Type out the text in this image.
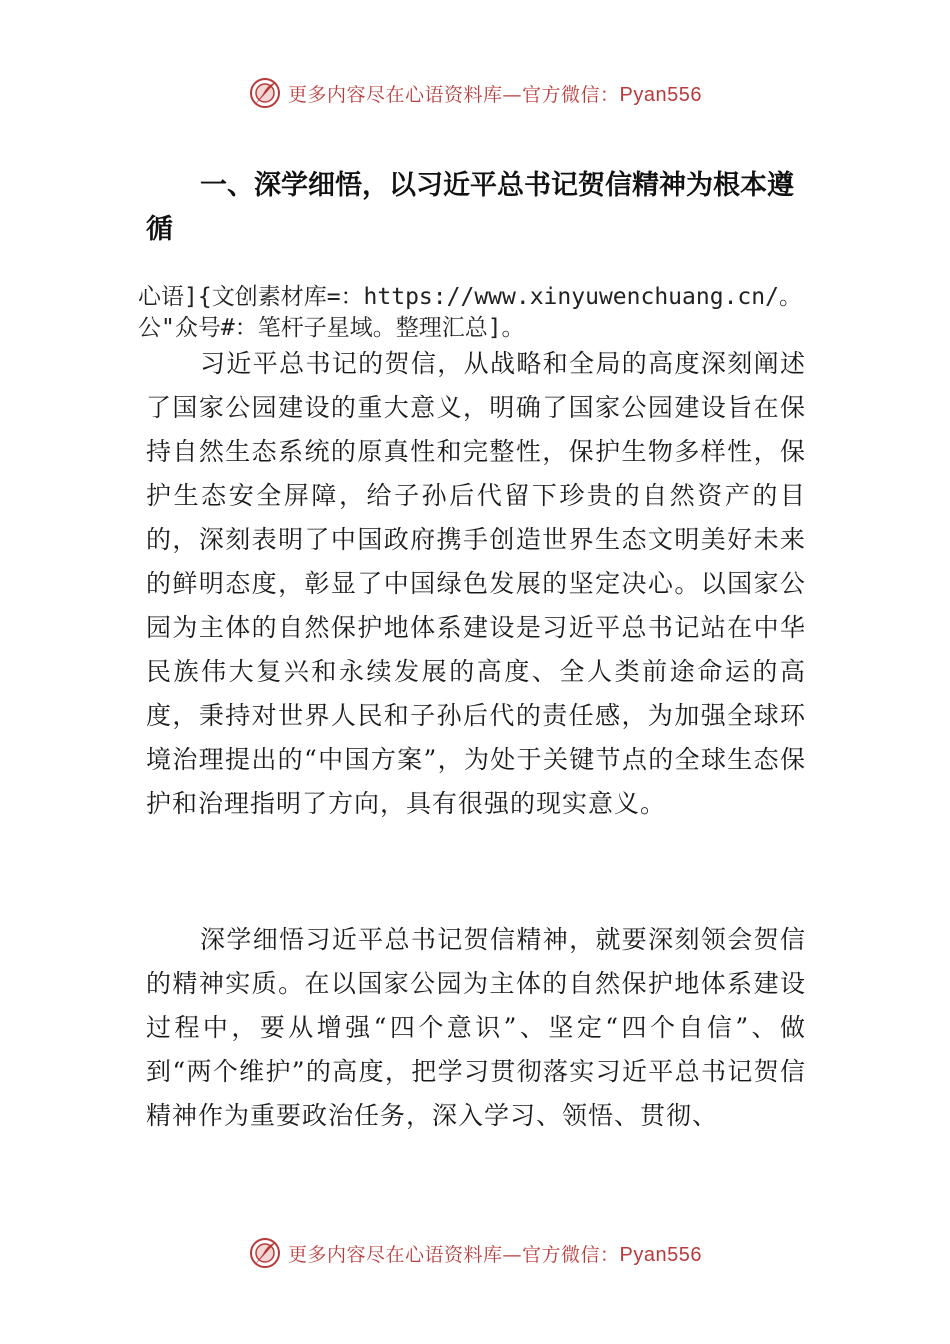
更多内容尽在心语资料库—官方微信：Pyan556
一、深学细悟，以习近平总书记贺信精神为根本遵循
心语]{文创素材库=：https://www.xinyuwenchuang.cn/。公"众号#：笔杆子星域。整理汇总]。
习近平总书记的贺信，从战略和全局的高度深刻阐述了国家公园建设的重大意义，明确了国家公园建设旨在保持自然生态系统的原真性和完整性，保护生物多样性，保护生态安全屏障，给子孙后代留下珍贵的自然资产的目的，深刻表明了中国政府携手创造世界生态文明美好未来的鲜明态度，彰显了中国绿色发展的坚定决心。以国家公园为主体的自然保护地体系建设是习近平总书记站在中华民族伟大复兴和永续发展的高度、全人类前途命运的高度，秉持对世界人民和子孙后代的责任感，为加强全球环境治理提出的“中国方案”，为处于关键节点的全球生态保护和治理指明了方向，具有很强的现实意义。
深学细悟习近平总书记贺信精神，就要深刻领会贺信的精神实质。在以国家公园为主体的自然保护地体系建设过程中，要从增强“四个意识”、坚定“四个自信”、做到“两个维护”的高度，把学习贯彻落实习近平总书记贺信精神作为重要政治任务，深入学习、领悟、贯彻、
更多内容尽在心语资料库—官方微信：Pyan556
